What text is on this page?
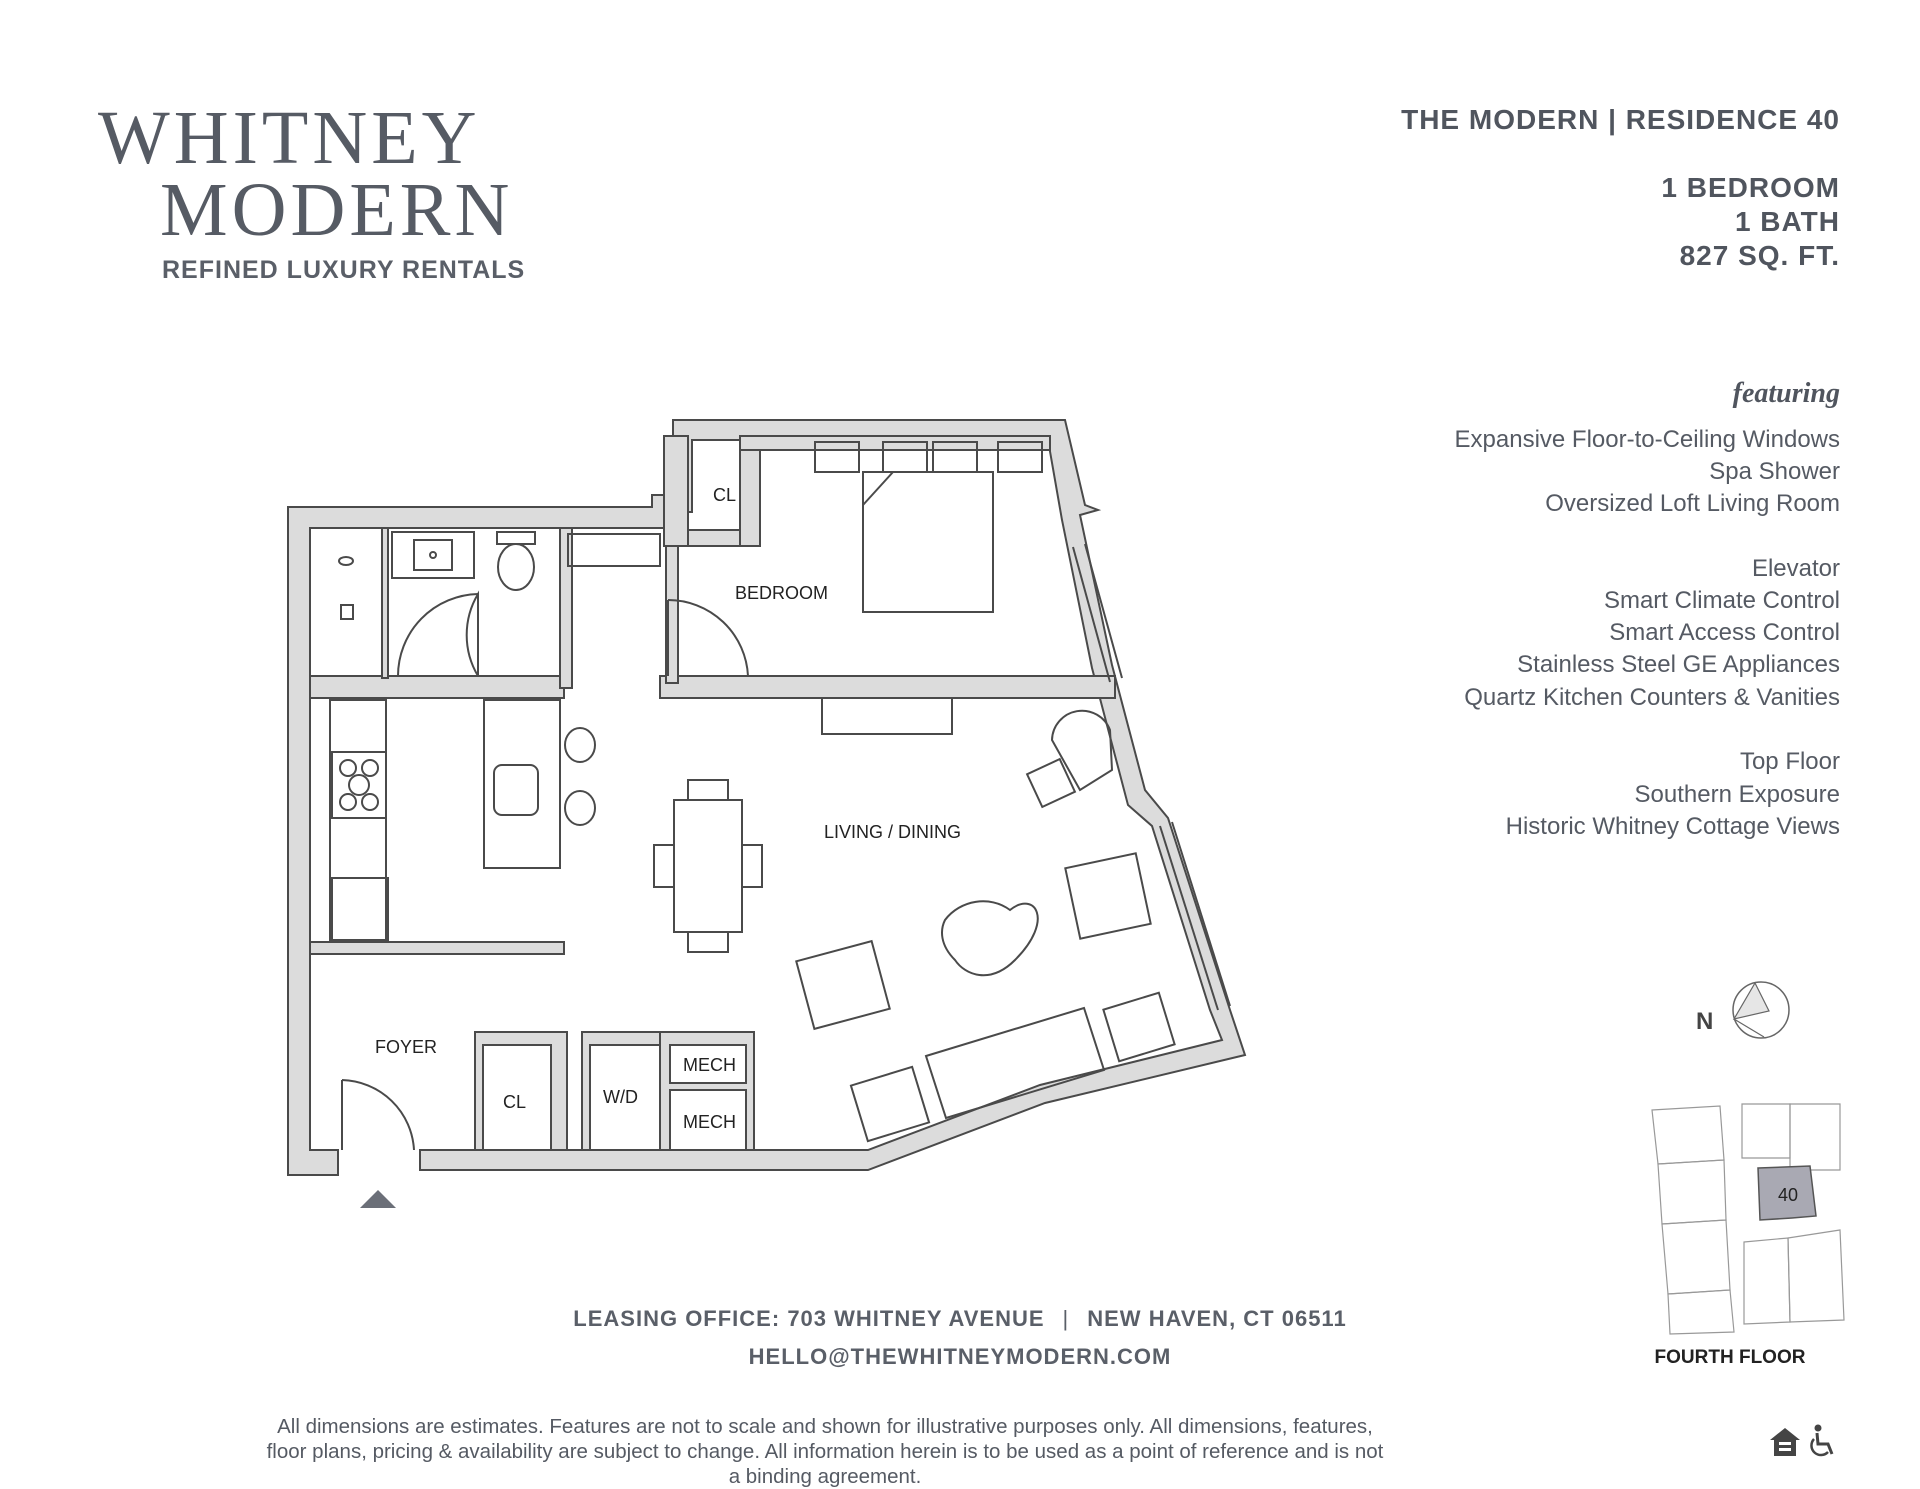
WHITNEY
MODERN
REFINED LUXURY RENTALS
THE MODERN | RESIDENCE 40
1 BEDROOM
1 BATH
827 SQ. FT.
featuring
Expansive Floor-to-Ceiling Windows
Spa Shower
Oversized Loft Living Room
Elevator
Smart Climate Control
Smart Access Control
Stainless Steel GE Appliances
Quartz Kitchen Counters & Vanities
Top Floor
Southern Exposure
Historic Whitney Cottage Views
CL
BEDROOM
LIVING / DINING
FOYER
CL	W/D
MECH
MECH
N
40
FOURTH FLOOR
LEASING OFFICE: 703 WHITNEY AVENUE | NEW HAVEN, CT 06511
HELLO@THEWHITNEYMODERN.COM
All dimensions are estimates. Features are not to scale and shown for illustrative purposes only. All dimensions, features, floor plans, pricing & availability are subject to change. All information herein is to be used as a point of reference and is not a binding agreement.
